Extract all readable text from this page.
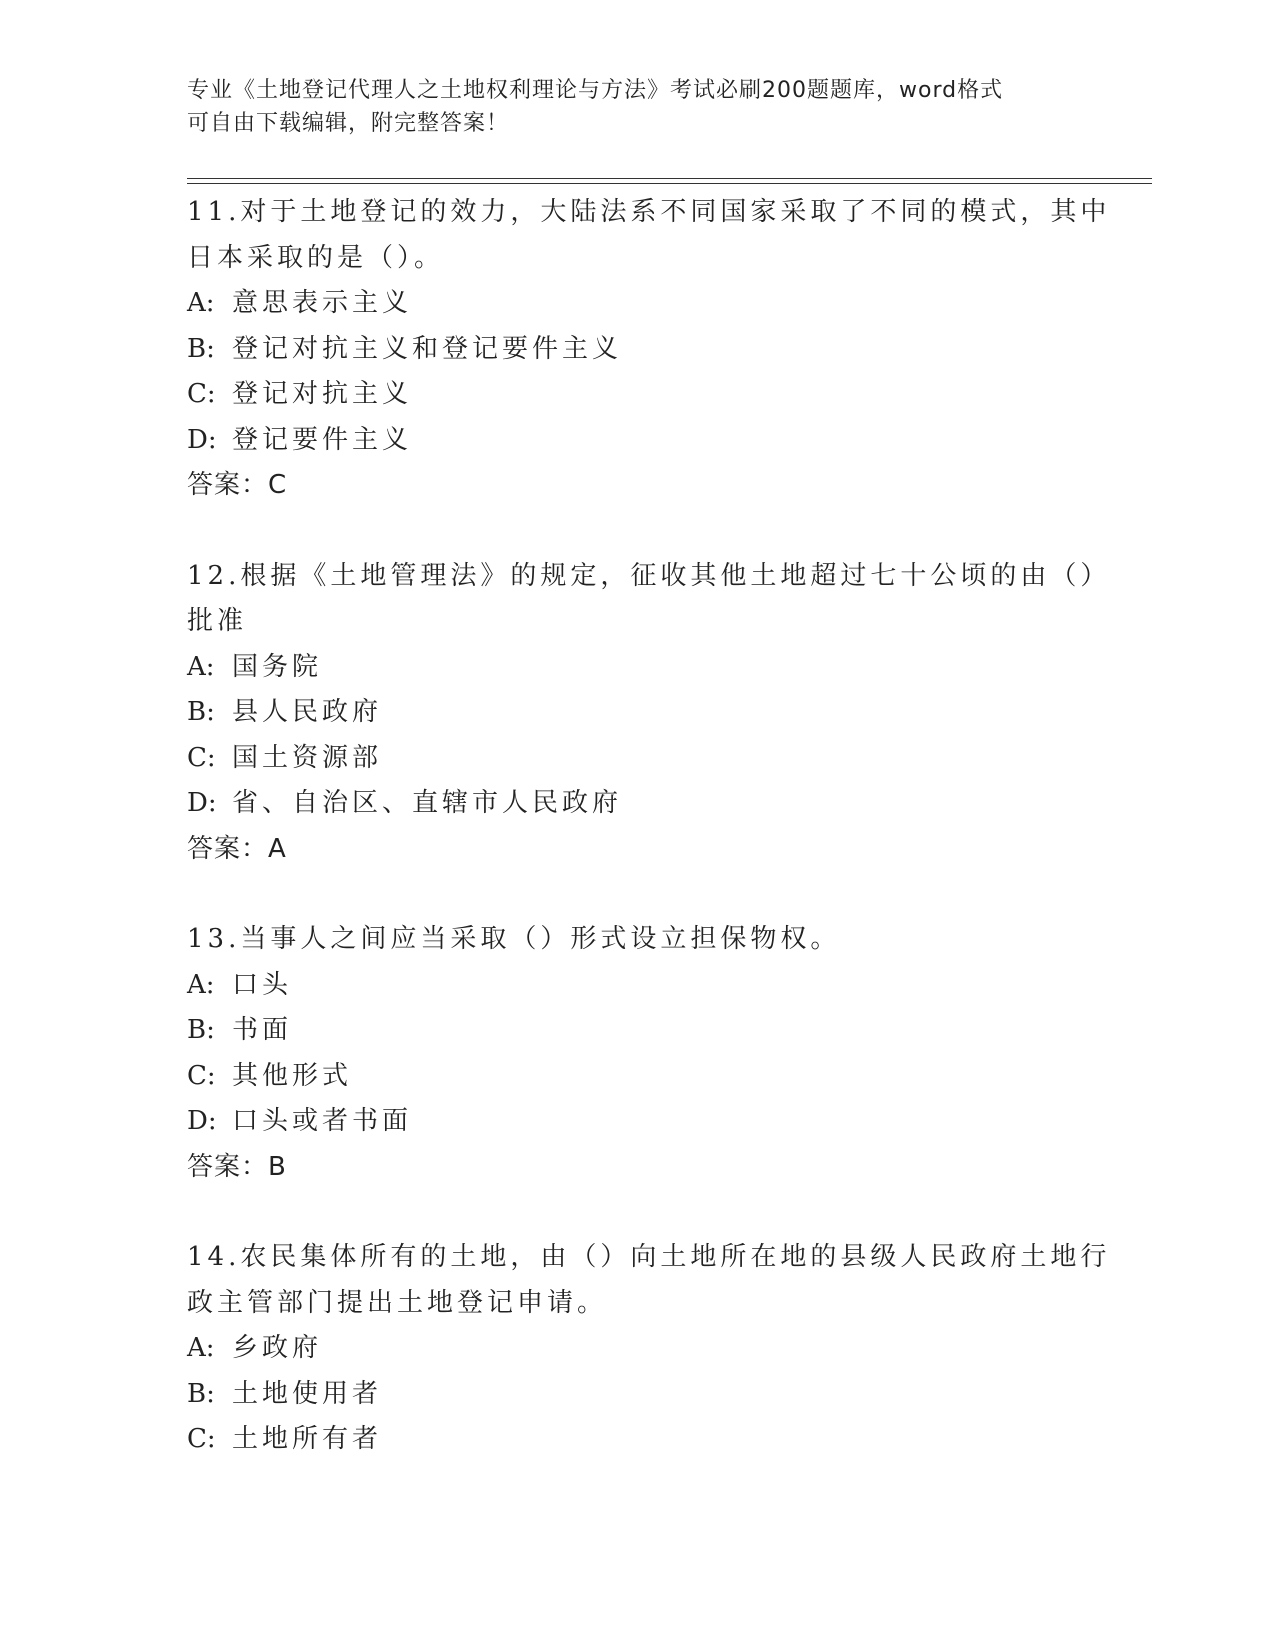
专业《土地登记代理人之土地权利理论与方法》考试必刷200题题库，word格式
可自由下载编辑，附完整答案！
11.对于土地登记的效力，大陆法系不同国家采取了不同的模式，其中
日本采取的是（）。
A: 意思表示主义
B: 登记对抗主义和登记要件主义
C: 登记对抗主义
D: 登记要件主义
答案：C
12.根据《土地管理法》的规定，征收其他土地超过七十公顷的由（）
批准
A: 国务院
B: 县人民政府
C: 国土资源部
D: 省、自治区、直辖市人民政府
答案：A
13.当事人之间应当采取（）形式设立担保物权。
A: 口头
B: 书面
C: 其他形式
D: 口头或者书面
答案：B
14.农民集体所有的土地，由（）向土地所在地的县级人民政府土地行
政主管部门提出土地登记申请。
A: 乡政府
B: 土地使用者
C: 土地所有者
